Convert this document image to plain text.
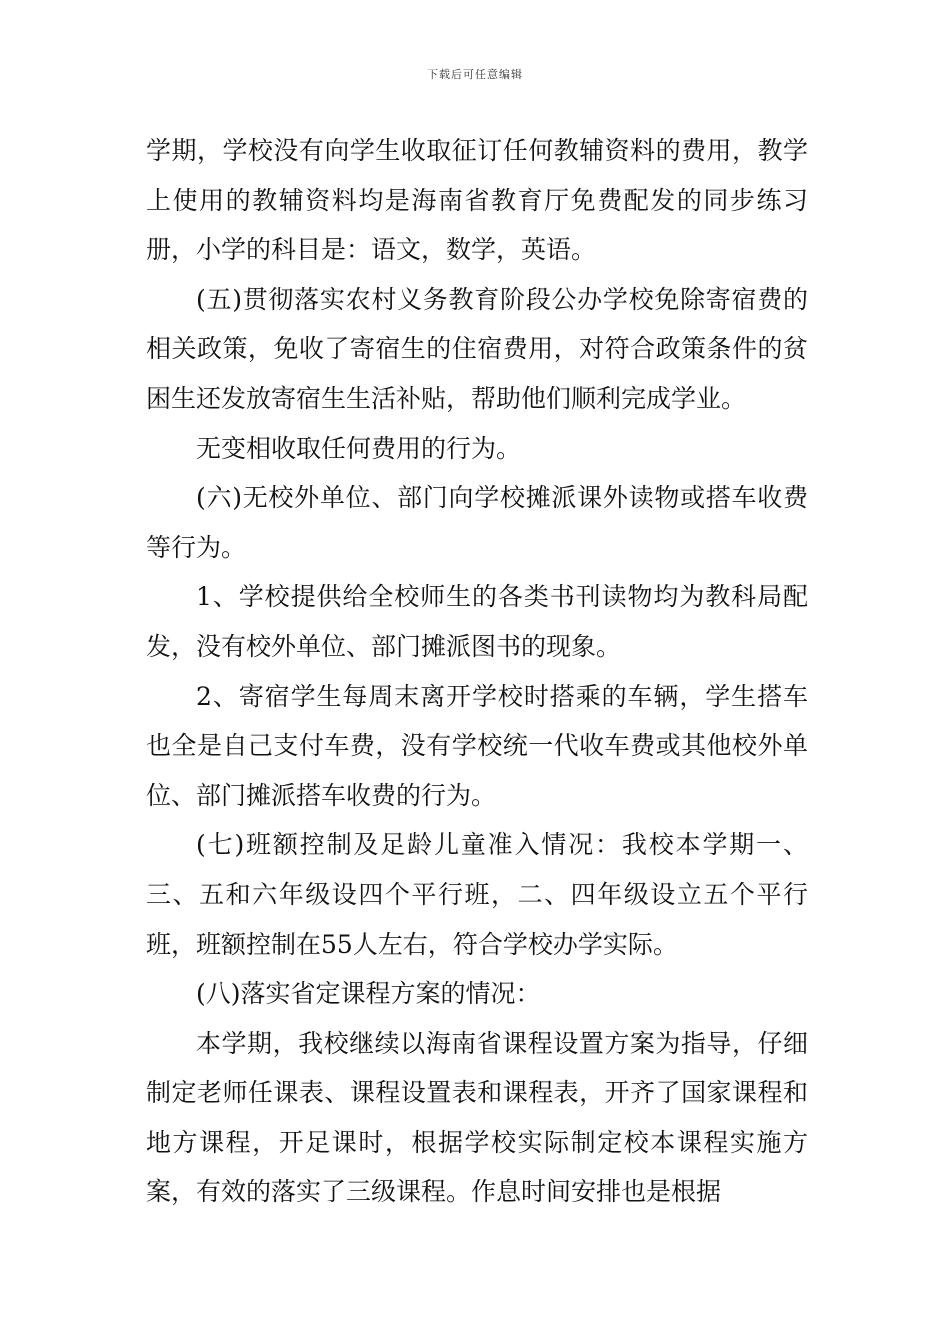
下载后可任意编辑

学期，学校没有向学生收取征订任何教辅资料的费用，教学上使用的教辅资料均是海南省教育厅免费配发的同步练习册，小学的科目是：语文，数学，英语。

(五)贯彻落实农村义务教育阶段公办学校免除寄宿费的相关政策，免收了寄宿生的住宿费用，对符合政策条件的贫困生还发放寄宿生生活补贴，帮助他们顺利完成学业。

无变相收取任何费用的行为。

(六)无校外单位、部门向学校摊派课外读物或搭车收费等行为。

1、学校提供给全校师生的各类书刊读物均为教科局配发，没有校外单位、部门摊派图书的现象。

2、寄宿学生每周末离开学校时搭乘的车辆，学生搭车也全是自己支付车费，没有学校统一代收车费或其他校外单位、部门摊派搭车收费的行为。

(七)班额控制及足龄儿童准入情况：我校本学期一、三、五和六年级设四个平行班，二、四年级设立五个平行班，班额控制在55人左右，符合学校办学实际。

(八)落实省定课程方案的情况：

本学期，我校继续以海南省课程设置方案为指导，仔细制定老师任课表、课程设置表和课程表，开齐了国家课程和地方课程，开足课时，根据学校实际制定校本课程实施方案，有效的落实了三级课程。作息时间安排也是根据
